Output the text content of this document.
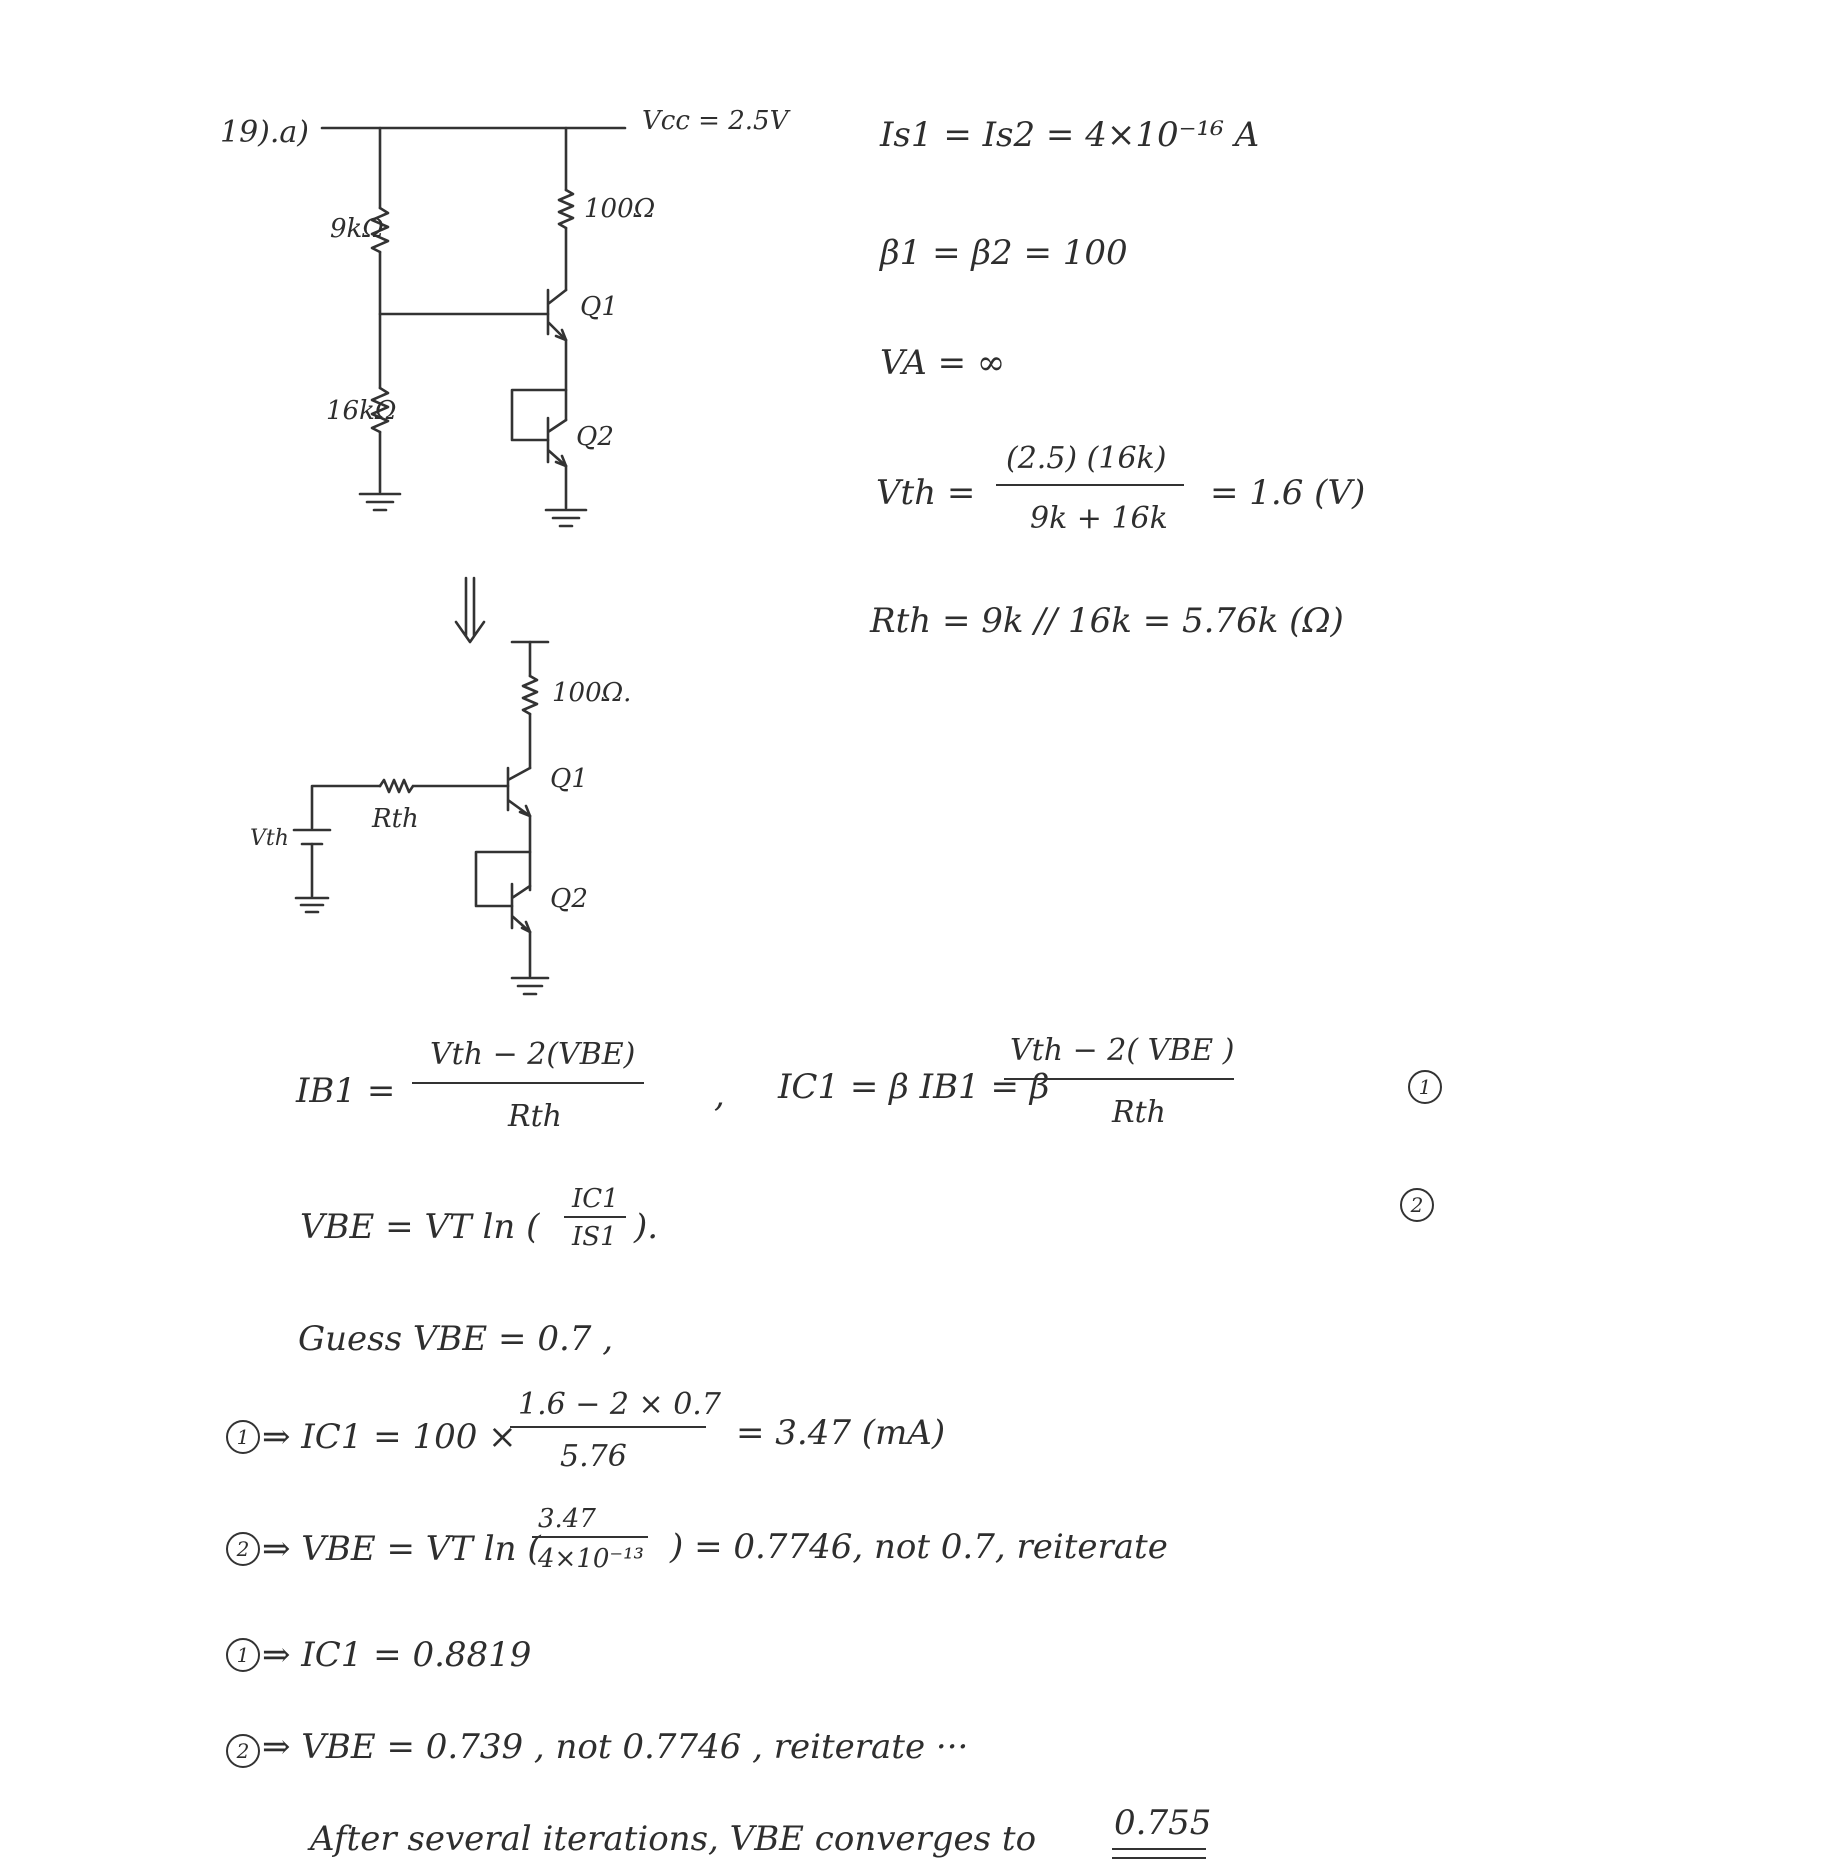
19).a)	Vcc = 2.5V
9kΩ
16kΩ
100Ω
Q1
Q2
100Ω.
Q1
Q2
Vth
Rth
Is1 = Is2 = 4×10⁻¹⁶ A
β1 = β2 = 100
VA = ∞
Vth =
(2.5) (16k)
9k + 16k
= 1.6 (V)
Rth = 9k // 16k = 5.76k (Ω)
IB1 =
Vth − 2(VBE)
Rth
, IC1 = β IB1 = β
Vth − 2( VBE )
Rth
1
VBE = VT ln (
IC1
IS1 ).
2
Guess VBE = 0.7 ,
1 ⇒ IC1 = 100 ×
1.6 − 2 × 0.7
5.76
= 3.47 (mA)
2 ⇒ VBE = VT ln (
3.47
4×10⁻¹³ ) = 0.7746, not 0.7, reiterate
1 ⇒ IC1 = 0.8819
2 ⇒ VBE = 0.739 , not 0.7746 , reiterate ···
After several iterations, VBE converges to 0.755
